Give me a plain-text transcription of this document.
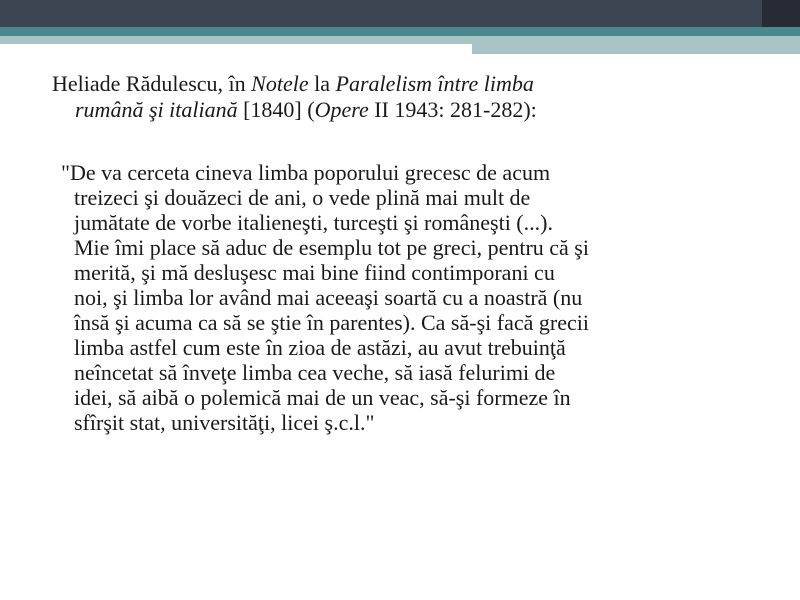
Heliade Rădulescu, în Notele la Paralelism între limba
rumână şi italiană [1840] (Opere II 1943: 281-282):

"De va cerceta cineva limba poporului grecesc de acum
treizeci şi douăzeci de ani, o vede plină mai mult de
jumătate de vorbe italieneşti, turceşti şi româneşti (...).
Mie îmi place să aduc de esemplu tot pe greci, pentru că şi
merită, şi mă desluşesc mai bine fiind contimporani cu
noi, şi limba lor având mai aceeaşi soartă cu a noastră (nu
însă şi acuma ca să se ştie în parentes). Ca să-şi facă grecii
limba astfel cum este în zioa de astăzi, au avut trebuinţă
neîncetat să înveţe limba cea veche, să iasă felurimi de
idei, să aibă o polemică mai de un veac, să-şi formeze în
sfîrşit stat, universităţi, licei ş.c.l."
